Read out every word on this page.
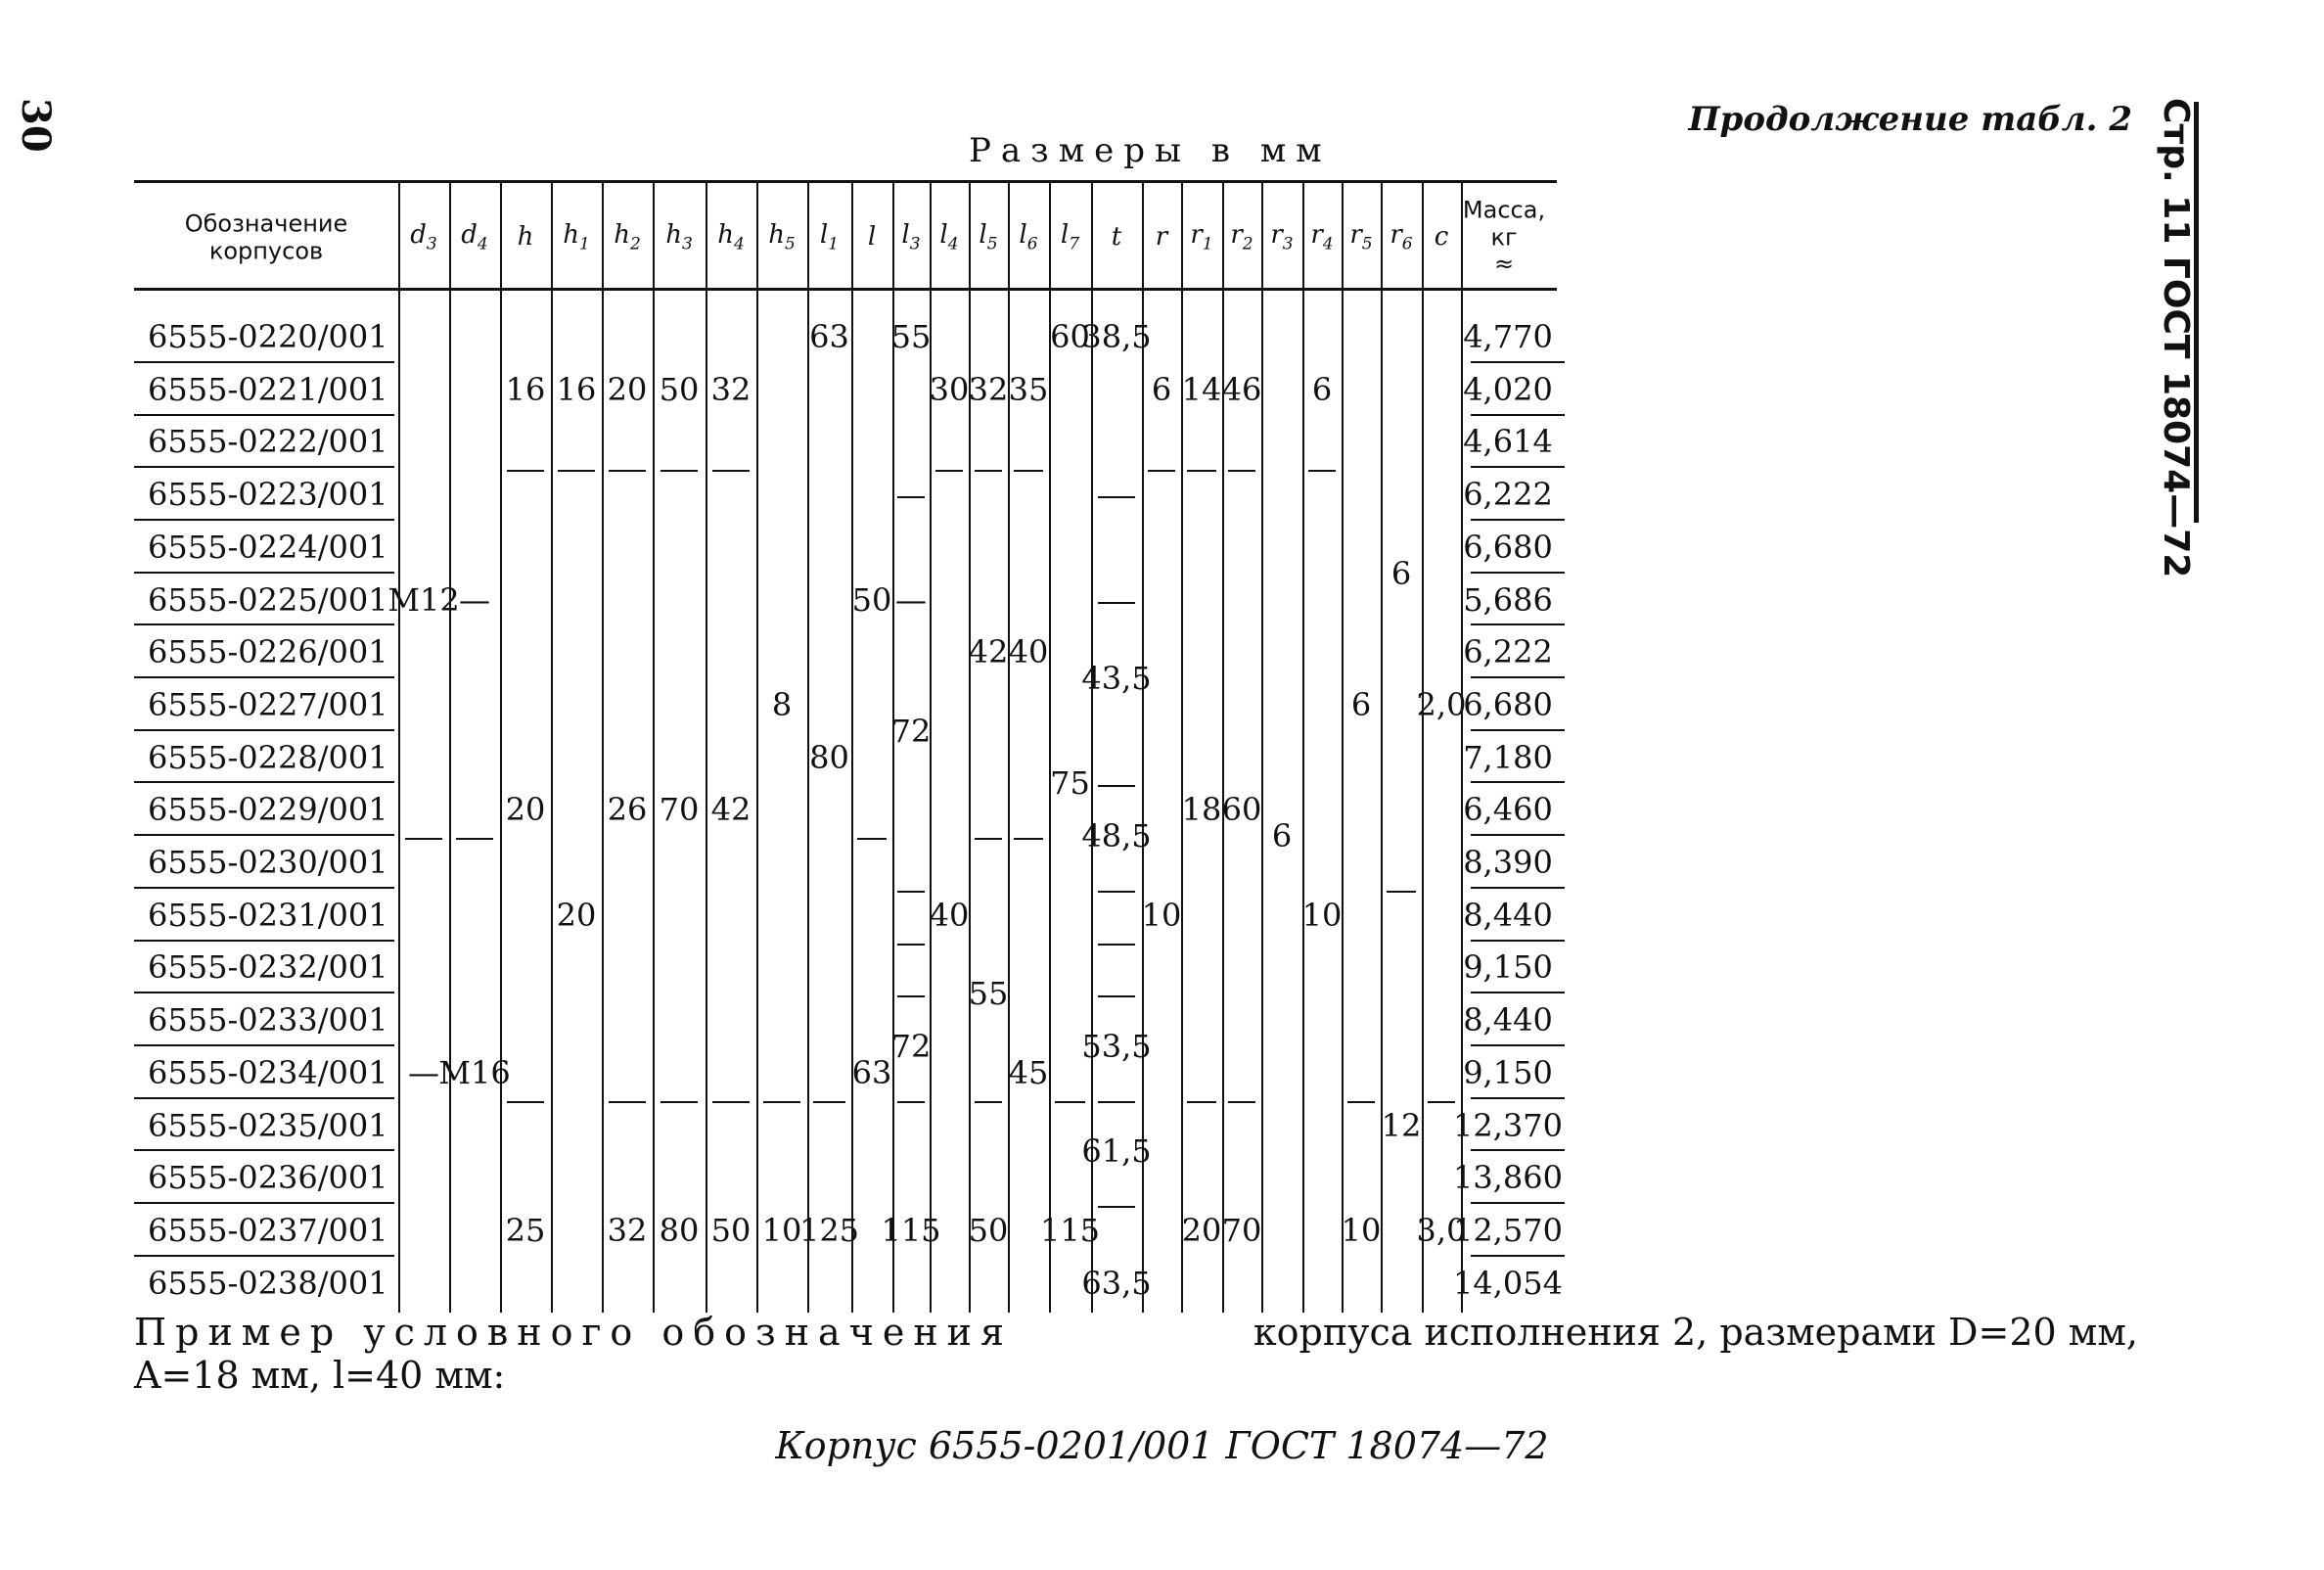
30	Стр. 11 ГОСТ 18074—72
Продолжение табл. 2
Размеры в мм
Обозначение
корпусов
$d_3$ $d_4$ h $h_1$ $h_2$ $h_3$ $h_4$ $h_5$ $l_1$ l $l_3$ $l_4$ $l_5$ $l_6$ $l_7$ t r $r_1$ $r_2$ $r_3$ $r_4$ $r_5$ $r_6$ c
Масса,
кг
≈
6555-0220/001
6555-0221/001
6555-0222/001
6555-0223/001
6555-0224/001
6555-0225/001
6555-0226/001
6555-0227/001
6555-0228/001
6555-0229/001
6555-0230/001
6555-0231/001
6555-0232/001
6555-0233/001
6555-0234/001
6555-0235/001
6555-0236/001
6555-0237/001
6555-0238/001
4,770
4,020
4,614
6,222
6,680
5,686
6,222
6,680
7,180
6,460
8,390
8,440
9,150
8,440
9,150
12,370
13,860
12,570
14,054
M12
—
—
M16
16
20
25
16
20
20
26
32
50
70
80
32
42
50
8
10
63
80
125
50
63
55
—
72
72
115
30
40
32
42
55
50
35
40
45
60
75
115
38,5
43,5
48,5
53,5
61,5
63,5
6
10
14
18
20
46
60
70
6
6
10
6
10
6
12
2,0
3,0
Пример условного обозначения	корпуса исполнения 2, размерами D=20 мм,
A=18 мм, l=40 мм:
Корпус 6555-0201/001 ГОСТ 18074—72
